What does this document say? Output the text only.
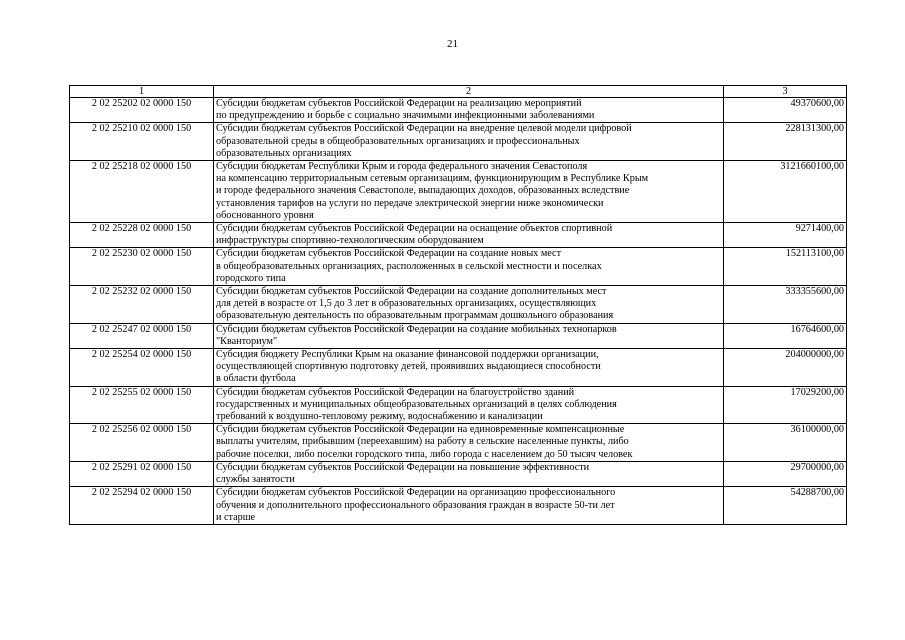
21
1	2	3
2 02 25202 02 0000 150	Субсидии бюджетам субъектов Российской Федерации на реализацию мероприятий
по предупреждению и борьбе с социально значимыми инфекционными заболеваниями	49370600,00
2 02 25210 02 0000 150	Субсидии бюджетам субъектов Российской Федерации на внедрение целевой модели цифровой
образовательной среды в общеобразовательных организациях и профессиональных
образовательных организациях	228131300,00
2 02 25218 02 0000 150	Субсидии бюджетам Республики Крым и города федерального значения Севастополя
на компенсацию территориальным сетевым организациям, функционирующим в Республике Крым
и городе федерального значения Севастополе, выпадающих доходов, образованных вследствие
установления тарифов на услуги по передаче электрической энергии ниже экономически
обоснованного уровня	3121660100,00
2 02 25228 02 0000 150	Субсидии бюджетам субъектов Российской Федерации на оснащение объектов спортивной
инфраструктуры спортивно-технологическим оборудованием	9271400,00
2 02 25230 02 0000 150	Субсидии бюджетам субъектов Российской Федерации на создание новых мест
в общеобразовательных организациях, расположенных в сельской местности и поселках
городского типа	152113100,00
2 02 25232 02 0000 150	Субсидии бюджетам субъектов Российской Федерации на создание дополнительных мест
для детей в возрасте от 1,5 до 3 лет в образовательных организациях, осуществляющих
образовательную деятельность по образовательным программам дошкольного образования	333355600,00
2 02 25247 02 0000 150	Субсидии бюджетам субъектов Российской Федерации на создание мобильных технопарков
"Кванториум"	16764600,00
2 02 25254 02 0000 150	Субсидия бюджету Республики Крым на оказание финансовой поддержки организации,
осуществляющей спортивную подготовку детей, проявивших выдающиеся способности
в области футбола	204000000,00
2 02 25255 02 0000 150	Субсидии бюджетам субъектов Российской Федерации на благоустройство зданий
государственных и муниципальных общеобразовательных организаций в целях соблюдения
требований к воздушно-тепловому режиму, водоснабжению и канализации	17029200,00
2 02 25256 02 0000 150	Субсидии бюджетам субъектов Российской Федерации на единовременные компенсационные
выплаты учителям, прибывшим (переехавшим) на работу в сельские населенные пункты, либо
рабочие поселки, либо поселки городского типа, либо города с населением до 50 тысяч человек	36100000,00
2 02 25291 02 0000 150	Субсидии бюджетам субъектов Российской Федерации на повышение эффективности
службы занятости	29700000,00
2 02 25294 02 0000 150	Субсидии бюджетам субъектов Российской Федерации на организацию профессионального
обучения и дополнительного профессионального образования граждан в возрасте 50-ти лет
и старше	54288700,00
